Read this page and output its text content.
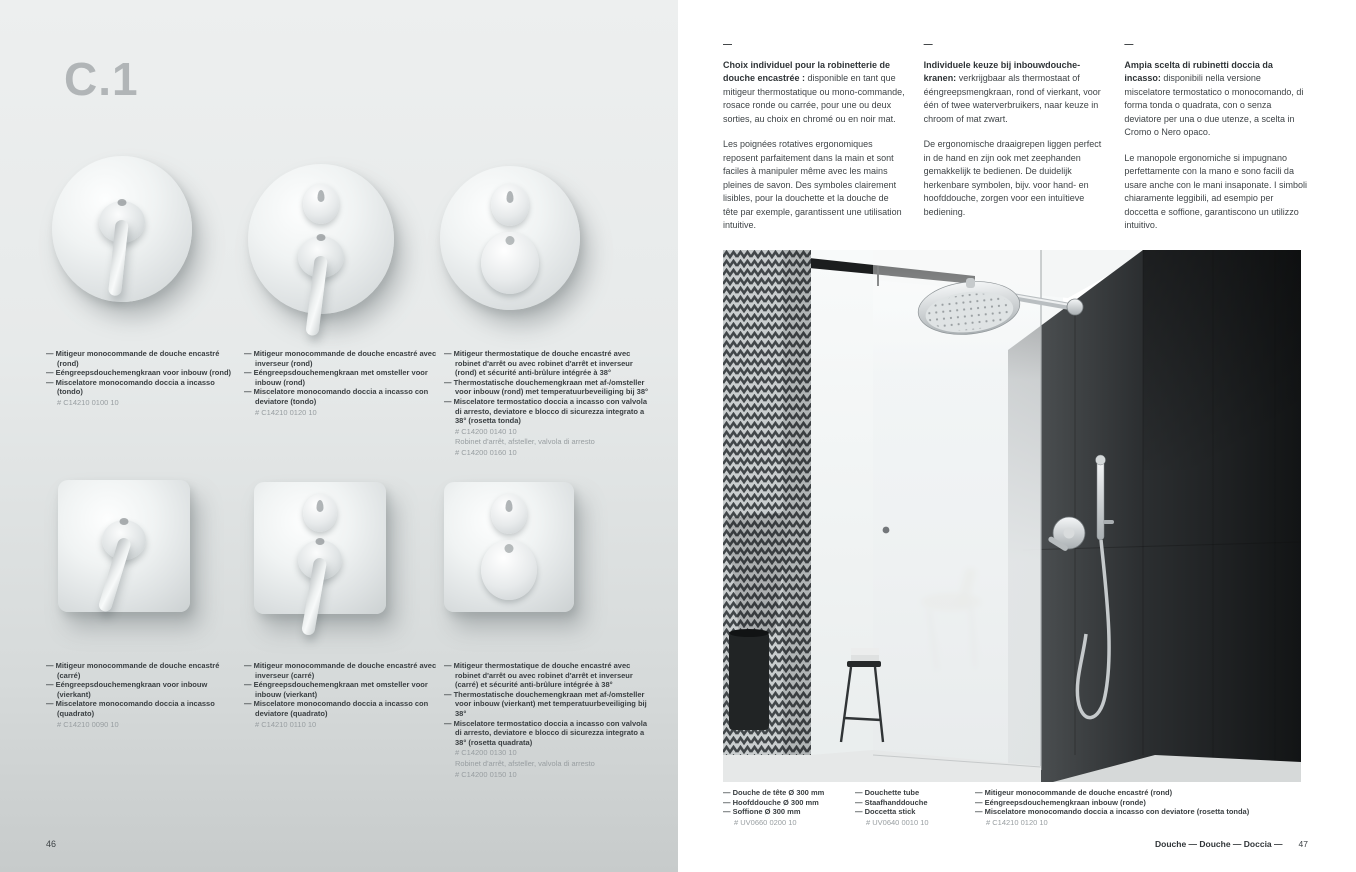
C.1
— Mitigeur monocommande de douche encastré (rond)
— Eéngreepsdouchemengkraan voor inbouw (rond)
— Miscelatore monocomando doccia a incasso (tondo)
# C14210 0100 10
— Mitigeur monocommande de douche encastré avec inverseur (rond)
— Eéngreepsdouchemengkraan met omsteller voor inbouw (rond)
— Miscelatore monocomando doccia a incasso con deviatore (tondo)
# C14210 0120 10
— Mitigeur thermostatique de douche encastré avec robinet d'arrêt ou avec robinet d'arrêt et inverseur (rond) et sécurité anti-brûlure intégrée à 38°
— Thermostatische douchemengkraan met af-/omsteller voor inbouw (rond) met temperatuurbeveiliging bij 38°
— Miscelatore termostatico doccia a incasso con valvola di arresto, deviatore e blocco di sicurezza integrato a 38° (rosetta tonda)
# C14200 0140 10
Robinet d'arrêt, afsteller, valvola di arresto
# C14200 0160 10
— Mitigeur monocommande de douche encastré (carré)
— Eéngreepsdouchemengkraan voor inbouw (vierkant)
— Miscelatore monocomando doccia a incasso (quadrato)
# C14210 0090 10
— Mitigeur monocommande de douche encastré avec inverseur (carré)
— Eéngreepsdouchemengkraan met omsteller voor inbouw (vierkant)
— Miscelatore monocomando doccia a incasso con deviatore (quadrato)
# C14210 0110 10
— Mitigeur thermostatique de douche encastré avec robinet d'arrêt ou avec robinet d'arrêt et inverseur (carré) et sécurité anti-brûlure intégrée à 38°
— Thermostatische douchemengkraan met af-/omsteller voor inbouw (vierkant) met temperatuurbeveiliging bij 38°
— Miscelatore termostatico doccia a incasso con valvola di arresto, deviatore e blocco di sicurezza integrato a 38° (rosetta quadrata)
# C14200 0130 10
Robinet d'arrêt, afsteller, valvola di arresto
# C14200 0150 10
46
—

Choix individuel pour la robinetterie de douche encastrée : disponible en tant que mitigeur thermostatique ou mono-commande, rosace ronde ou carrée, pour une ou deux sorties, au choix en chromé ou en noir mat.

Les poignées rotatives ergonomiques reposent parfaitement dans la main et sont faciles à manipuler même avec les mains pleines de savon. Des symboles clairement lisibles, pour la douchette et la douche de tête par exemple, garantissent une utilisation intuitive.

—

Individuele keuze bij inbouwdouche-kranen: verkrijgbaar als thermostaat of ééngreepsmengkraan, rond of vierkant, voor één of twee waterverbruikers, naar keuze in chroom of mat zwart.

De ergonomische draaigrepen liggen perfect in de hand en zijn ook met zeephanden gemakkelijk te bedienen. De duidelijk herkenbare symbolen, bijv. voor hand- en hoofddouche, zorgen voor een intuïtieve bediening.

—

Ampia scelta di rubinetti doccia da incasso: disponibili nella versione miscelatore termostatico o monocomando, di forma tonda o quadrata, con o senza deviatore per una o due utenze, a scelta in Cromo o Nero opaco.

Le manopole ergonomiche si impugnano perfettamente con la mano e sono facili da usare anche con le mani insaponate. I simboli chiaramente leggibili, ad esempio per doccetta e soffione, garantiscono un utilizzo intuitivo.

— Douche de tête Ø 300 mm
— Hoofddouche Ø 300 mm
— Soffione Ø 300 mm
# UV0660 0200 10
— Douchette tube
— Staafhanddouche
— Doccetta stick
# UV0640 0010 10
— Mitigeur monocommande de douche encastré (rond)
— Eéngreepsdouchemengkraan inbouw (ronde)
— Miscelatore monocomando doccia a incasso con deviatore (rosetta tonda)
# C14210 0120 10
Douche — Douche — Doccia — 47
